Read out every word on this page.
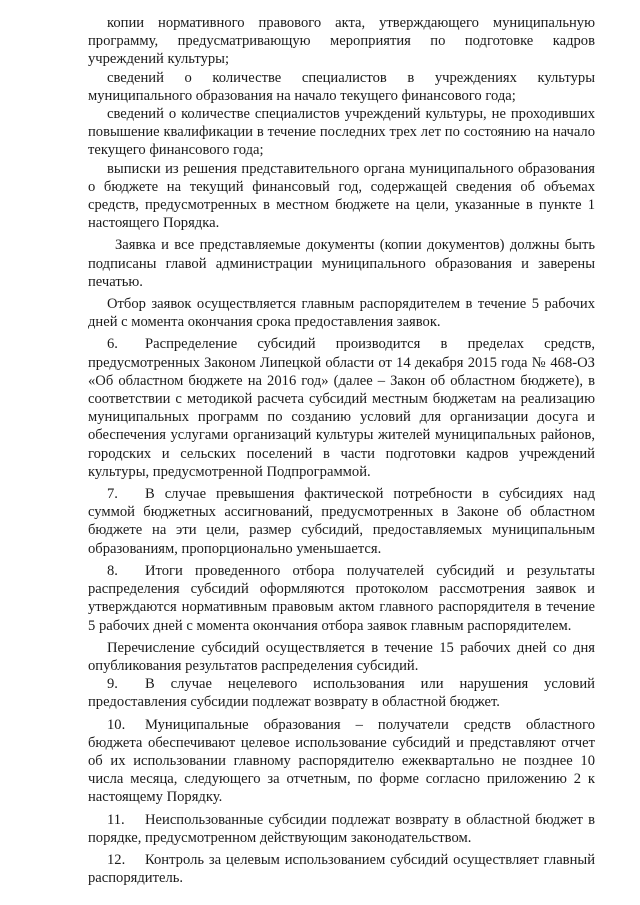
копии нормативного правового акта, утверждающего муниципальную программу, предусматривающую мероприятия по подготовке кадров учреждений культуры;

сведений о количестве специалистов в учреждениях культуры муниципального образования на начало текущего финансового года;

сведений о количестве специалистов учреждений культуры, не проходивших повышение квалификации в течение последних трех лет по состоянию на начало текущего финансового года;

выписки из решения представительного органа муниципального образования о бюджете на текущий финансовый год, содержащей сведения об объемах средств, предусмотренных в местном бюджете на цели, указанные в пункте 1 настоящего Порядка.

Заявка и все представляемые документы (копии документов) должны быть подписаны главой администрации муниципального образования и заверены печатью.

Отбор заявок осуществляется главным распорядителем в течение 5 рабочих дней с момента окончания срока предоставления заявок.

6. Распределение субсидий производится в пределах средств, предусмотренных Законом Липецкой области от 14 декабря 2015 года № 468-ОЗ «Об областном бюджете на 2016 год» (далее – Закон об областном бюджете), в соответствии с методикой расчета субсидий местным бюджетам на реализацию муниципальных программ по созданию условий для организации досуга и обеспечения услугами организаций культуры жителей муниципальных районов, городских и сельских поселений в части подготовки кадров учреждений культуры, предусмотренной Подпрограммой.

7. В случае превышения фактической потребности в субсидиях над суммой бюджетных ассигнований, предусмотренных в Законе об областном бюджете на эти цели, размер субсидий, предоставляемых муниципальным образованиям, пропорционально уменьшается.

8. Итоги проведенного отбора получателей субсидий и результаты распределения субсидий оформляются протоколом рассмотрения заявок и утверждаются нормативным правовым актом главного распорядителя в течение 5 рабочих дней с момента окончания отбора заявок главным распорядителем.

Перечисление субсидий осуществляется в течение 15 рабочих дней со дня опубликования результатов распределения субсидий.

9. В случае нецелевого использования или нарушения условий предоставления субсидии подлежат возврату в областной бюджет.

10. Муниципальные образования – получатели средств областного бюджета обеспечивают целевое использование субсидий и представляют отчет об их использовании главному распорядителю ежеквартально не позднее 10 числа месяца, следующего за отчетным, по форме согласно приложению 2 к настоящему Порядку.

11. Неиспользованные субсидии подлежат возврату в областной бюджет в порядке, предусмотренном действующим законодательством.

12. Контроль за целевым использованием субсидий осуществляет главный распорядитель.
